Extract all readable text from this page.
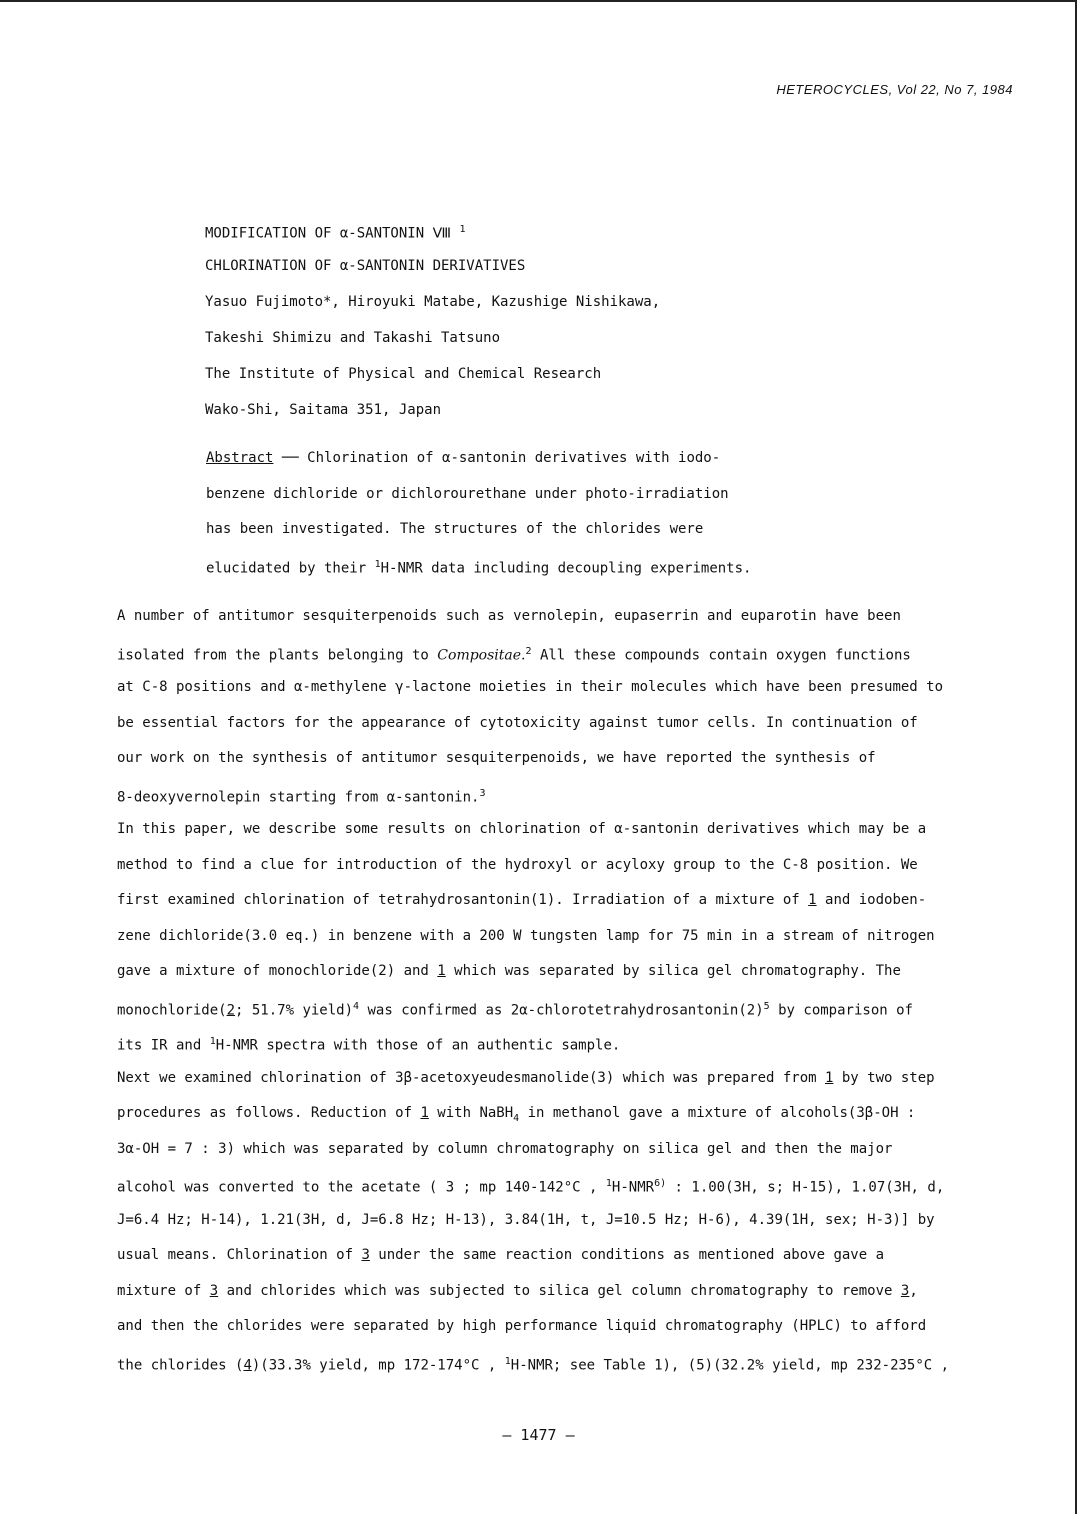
HETEROCYCLES, Vol 22, No 7, 1984
MODIFICATION OF α-SANTONIN Ⅷ $^1$
CHLORINATION OF α-SANTONIN DERIVATIVES
Yasuo Fujimoto*, Hiroyuki Matabe, Kazushige Nishikawa,
Takeshi Shimizu and Takashi Tatsuno
The Institute of Physical and Chemical Research
Wako-Shi, Saitama 351, Japan
Abstract ── Chlorination of α-santonin derivatives with iodo-
benzene dichloride or dichlorourethane under photo-irradiation
has been investigated. The structures of the chlorides were
elucidated by their $^1$H-NMR data including decoupling experiments.
A number of antitumor sesquiterpenoids such as vernolepin, eupaserrin and euparotin have been
isolated from the plants belonging to Compositae.$^2$ All these compounds contain oxygen functions
at C-8 positions and α-methylene γ-lactone moieties in their molecules which have been presumed to
be essential factors for the appearance of cytotoxicity against tumor cells. In continuation of
our work on the synthesis of antitumor sesquiterpenoids, we have reported the synthesis of
8-deoxyvernolepin starting from α-santonin.$^3$
In this paper, we describe some results on chlorination of α-santonin derivatives which may be a
method to find a clue for introduction of the hydroxyl or acyloxy group to the C-8 position. We
first examined chlorination of tetrahydrosantonin(1). Irradiation of a mixture of 1 and iodoben-
zene dichloride(3.0 eq.) in benzene with a 200 W tungsten lamp for 75 min in a stream of nitrogen
gave a mixture of monochloride(2) and 1 which was separated by silica gel chromatography. The
monochloride(2; 51.7% yield)$^4$ was confirmed as $2\alpha-chlorotetrahydrosantonin(2)^5$ by comparison of
its IR and $^1$H-NMR spectra with those of an authentic sample.
Next we examined chlorination of 3β-acetoxyeudesmanolide(3) which was prepared from 1 by two step
procedures as follows. Reduction of 1 with NaBH$_4$ in methanol gave a mixture of alcohols(3β-OH :
3α-OH = 7 : 3) which was separated by column chromatography on silica gel and then the major
alcohol was converted to the acetate ( 3 ; mp 140-142°C , $^1$H-NMR$^{6)}$ : 1.00(3H, s; H-15), 1.07(3H, d,
J=6.4 Hz; H-14), 1.21(3H, d, J=6.8 Hz; H-13), 3.84(1H, t, J=10.5 Hz; H-6), 4.39(1H, sex; H-3)] by
usual means. Chlorination of 3 under the same reaction conditions as mentioned above gave a
mixture of 3 and chlorides which was subjected to silica gel column chromatography to remove 3,
and then the chlorides were separated by high performance liquid chromatography (HPLC) to afford
the chlorides (4)(33.3% yield, mp 172-174°C , $^1$H-NMR; see Table 1), (5)(32.2% yield, mp 232-235°C ,
— 1477 —
